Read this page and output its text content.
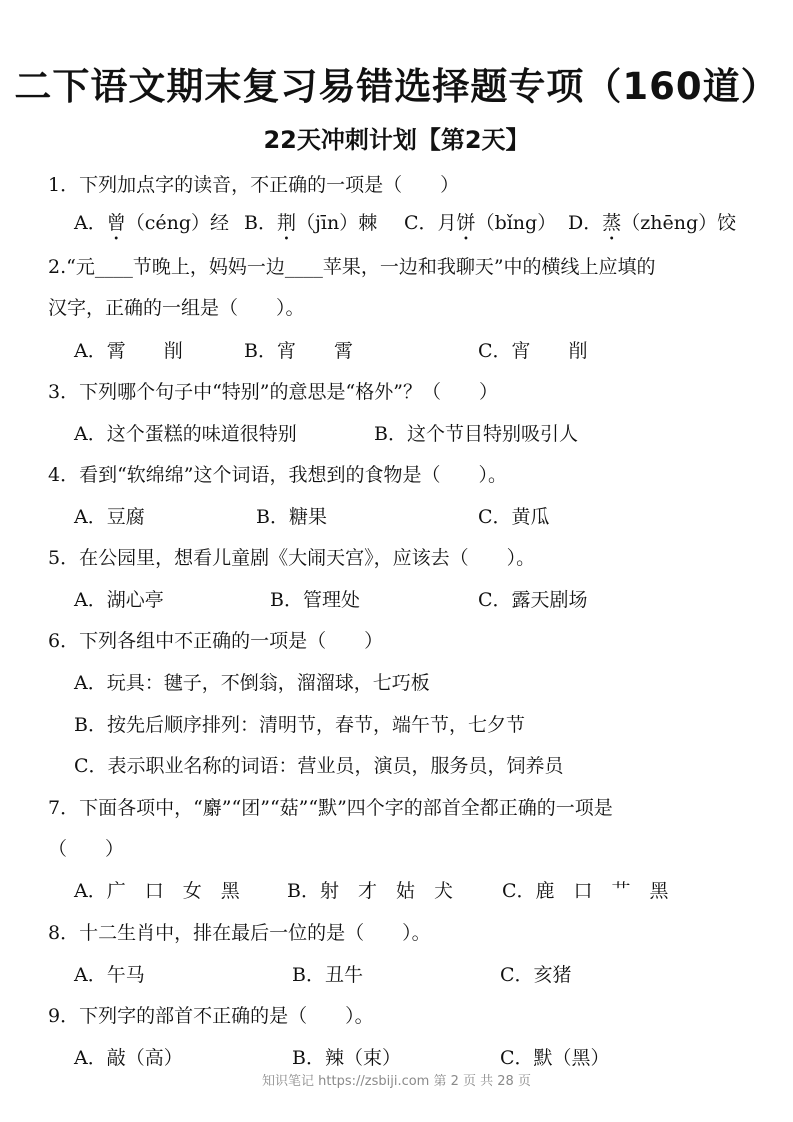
二下语文期末复习易错选择题专项（160道）
22天冲刺计划【第2天】
1．下列加点字的读音，不正确的一项是（　　）
A．曾（céng）经 B．荆（jīn）棘 C．月饼（bǐng） D．蒸（zhēng）饺
2.“元____节晚上，妈妈一边____苹果，一边和我聊天”中的横线上应填的
汉字，正确的一组是（　　）。
A．霄　　削	B．宵　　霄	C．宵　　削
3．下列哪个句子中“特别”的意思是“格外”？（　　）
A．这个蛋糕的味道很特别	B．这个节目特别吸引人
4．看到“软绵绵”这个词语，我想到的食物是（　　）。
A．豆腐	B．糖果	C．黄瓜
5．在公园里，想看儿童剧《大闹天宫》，应该去（　　）。
A．湖心亭	B．管理处	C．露天剧场
6．下列各组中不正确的一项是（　　）
A．玩具：毽子，不倒翁，溜溜球，七巧板
B．按先后顺序排列：清明节，春节，端午节，七夕节
C．表示职业名称的词语：营业员，演员，服务员，饲养员
7．下面各项中，“麝”“团”“菇”“默”四个字的部首全都正确的一项是
（　　）
A．广　口　女　黑 B．射　才　姑　犬	C．鹿　口　艹　黑
8．十二生肖中，排在最后一位的是（　　）。
A．午马	B．丑牛	C．亥猪
9．下列字的部首不正确的是（　　）。
A．敲（高）	B．辣（束）	C．默（黑）
知识笔记 https://zsbiji.com 第 2 页 共 28 页
